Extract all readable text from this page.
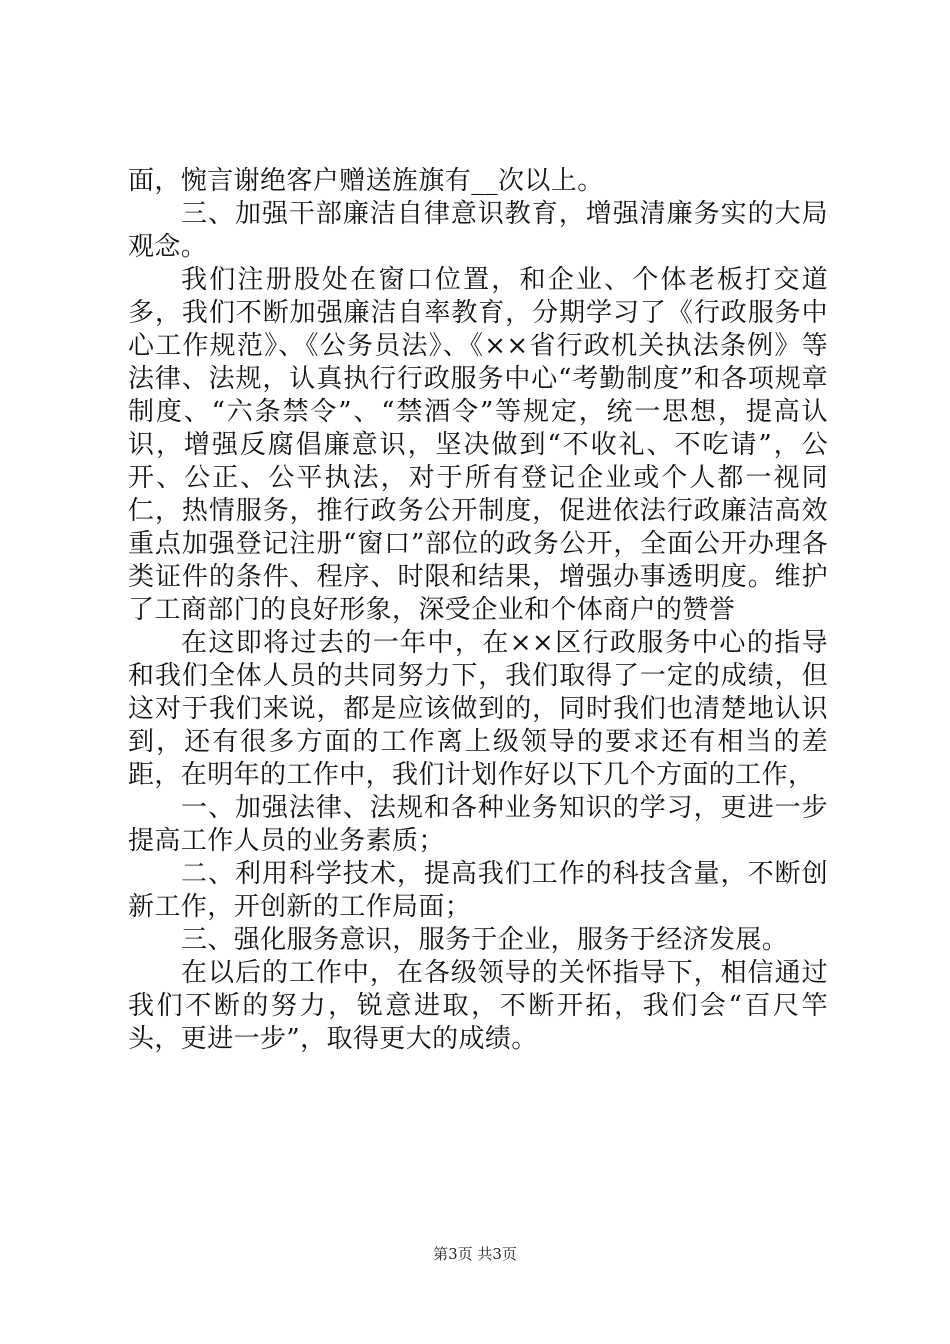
面，惋言谢绝客户赠送旌旗有__次以上。

三、加强干部廉洁自律意识教育，增强清廉务实的大局观念。

我们注册股处在窗口位置，和企业、个体老板打交道多，我们不断加强廉洁自率教育，分期学习了《行政服务中心工作规范》、《公务员法》、《××省行政机关执法条例》等法律、法规，认真执行行政服务中心“考勤制度”和各项规章制度、“六条禁令”、“禁酒令”等规定，统一思想，提高认识，增强反腐倡廉意识，坚决做到“不收礼、不吃请”，公开、公正、公平执法，对于所有登记企业或个人都一视同仁，热情服务，推行政务公开制度，促进依法行政廉洁高效重点加强登记注册“窗口”部位的政务公开，全面公开办理各类证件的条件、程序、时限和结果，增强办事透明度。维护了工商部门的良好形象，深受企业和个体商户的赞誉

在这即将过去的一年中，在××区行政服务中心的指导和我们全体人员的共同努力下，我们取得了一定的成绩，但这对于我们来说，都是应该做到的，同时我们也清楚地认识到，还有很多方面的工作离上级领导的要求还有相当的差距，在明年的工作中，我们计划作好以下几个方面的工作，

一、加强法律、法规和各种业务知识的学习，更进一步提高工作人员的业务素质；

二、利用科学技术，提高我们工作的科技含量，不断创新工作，开创新的工作局面；

三、强化服务意识，服务于企业，服务于经济发展。

在以后的工作中，在各级领导的关怀指导下，相信通过我们不断的努力，锐意进取，不断开拓，我们会“百尺竿头，更进一步”，取得更大的成绩。

第3页 共3页
